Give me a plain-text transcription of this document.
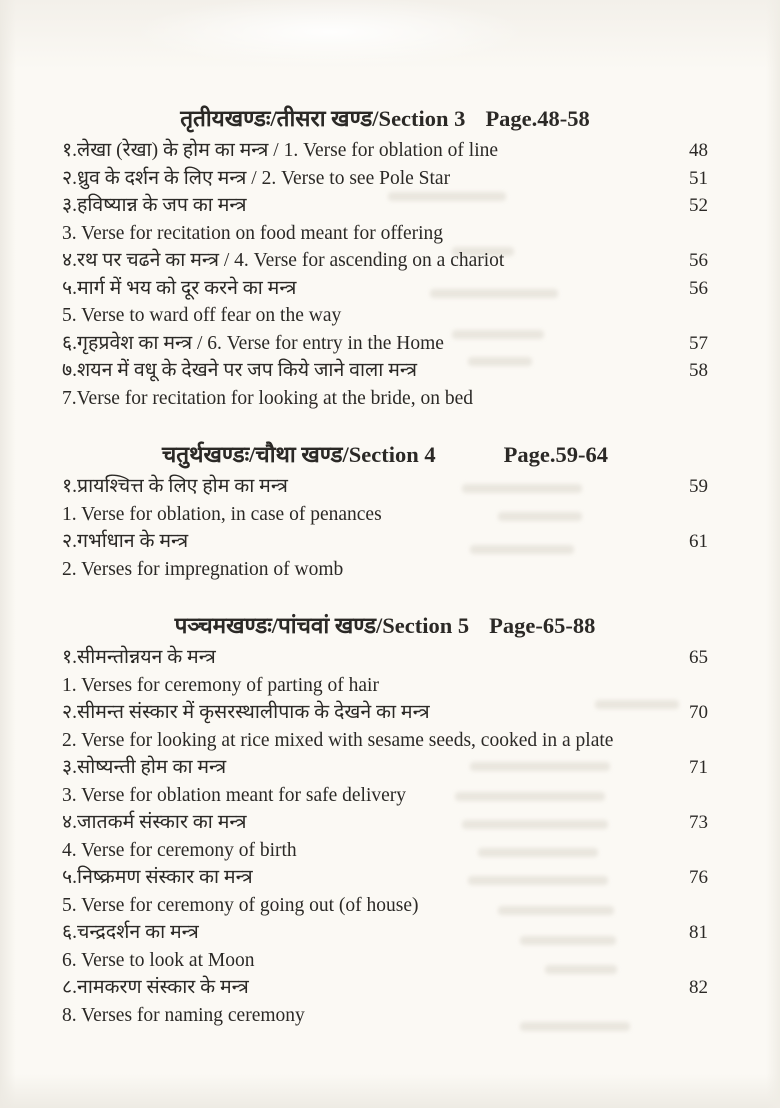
तृतीयखण्डः/तीसरा खण्ड/Section 3 Page.48-58
१.लेखा (रेखा) के होम का मन्त्र / 1. Verse for oblation of line	48
२.ध्रुव के दर्शन के लिए मन्त्र / 2. Verse to see Pole Star	51
३.हविष्यान्न के जप का मन्त्र	52
3. Verse for recitation on food meant for offering
४.रथ पर चढने का मन्त्र / 4. Verse for ascending on a chariot	56
५.मार्ग में भय को दूर करने का मन्त्र	56
5. Verse to ward off fear on the way
६.गृहप्रवेश का मन्त्र / 6. Verse for entry in the Home	57
७.शयन में वधू के देखने पर जप किये जाने वाला मन्त्र	58
7.Verse for recitation for looking at the bride, on bed
चतुर्थखण्डः/चौथा खण्ड/Section 4	Page.59-64
१.प्रायश्चित्त के लिए होम का मन्त्र	59
1. Verse for oblation, in case of penances
२.गर्भाधान के मन्त्र	61
2. Verses for impregnation of womb
पञ्चमखण्डः/पांचवां खण्ड/Section 5 Page-65-88
१.सीमन्तोन्नयन के मन्त्र	65
1. Verses for ceremony of parting of hair
२.सीमन्त संस्कार में कृसरस्थालीपाक के देखने का मन्त्र	70
2. Verse for looking at rice mixed with sesame seeds, cooked in a plate
३.सोष्यन्ती होम का मन्त्र	71
3. Verse for oblation meant for safe delivery
४.जातकर्म संस्कार का मन्त्र	73
4. Verse for ceremony of birth
५.निष्क्रमण संस्कार का मन्त्र	76
5. Verse for ceremony of going out (of house)
६.चन्द्रदर्शन का मन्त्र	81
6. Verse to look at Moon
८.नामकरण संस्कार के मन्त्र	82
8. Verses for naming ceremony
